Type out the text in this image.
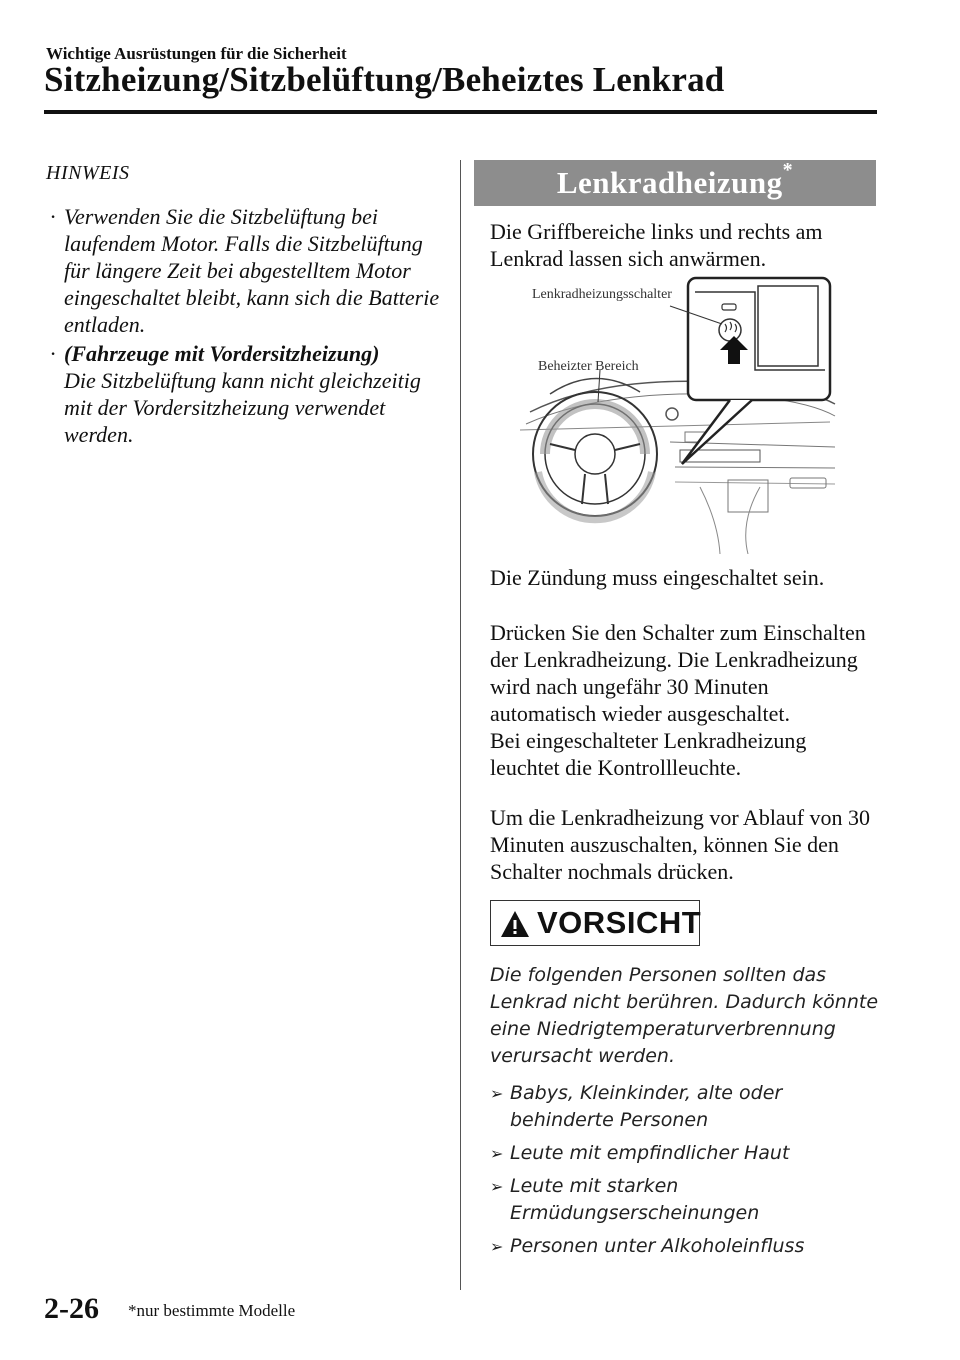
Wichtige Ausrüstungen für die Sicherheit
Sitzheizung/Sitzbelüftung/Beheiztes Lenkrad
HINWEIS
· Verwenden Sie die Sitzbelüftung bei laufendem Motor. Falls die Sitzbelüftung für längere Zeit bei abgestelltem Motor eingeschaltet bleibt, kann sich die Batterie entladen.
· (Fahrzeuge mit Vordersitzheizung)
Die Sitzbelüftung kann nicht gleichzeitig mit der Vordersitzheizung verwendet werden.
Lenkradheizung*
Die Griffbereiche links und rechts am Lenkrad lassen sich anwärmen.
Lenkradheizungsschalter
Beheizter Bereich
Die Zündung muss eingeschaltet sein.
Drücken Sie den Schalter zum Einschalten der Lenkradheizung. Die Lenkradheizung wird nach ungefähr 30 Minuten automatisch wieder ausgeschaltet.
Bei eingeschalteter Lenkradheizung leuchtet die Kontrollleuchte.
Um die Lenkradheizung vor Ablauf von 30 Minuten auszuschalten, können Sie den Schalter nochmals drücken.
VORSICHT
Die folgenden Personen sollten das Lenkrad nicht berühren. Dadurch könnte eine Niedrigtemperaturverbrennung verursacht werden.
➢ Babys, Kleinkinder, alte oder behinderte Personen
➢ Leute mit empfindlicher Haut
➢ Leute mit starken Ermüdungserscheinungen
➢ Personen unter Alkoholeinfluss
2-26 *nur bestimmte Modelle
